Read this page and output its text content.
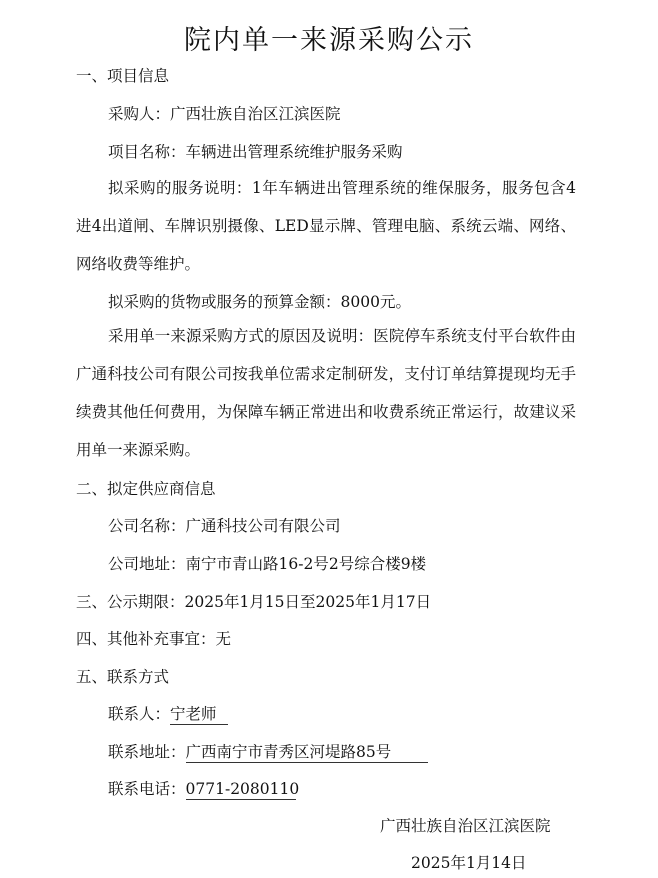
院内单一来源采购公示
一、项目信息
采购人：广西壮族自治区江滨医院
项目名称：车辆进出管理系统维护服务采购
拟采购的服务说明：1年车辆进出管理系统的维保服务，服务包含4进4出道闸、车牌识别摄像、LED显示牌、管理电脑、系统云端、网络、网络收费等维护。
拟采购的货物或服务的预算金额：8000元。
采用单一来源采购方式的原因及说明：医院停车系统支付平台软件由广通科技公司有限公司按我单位需求定制研发，支付订单结算提现均无手续费其他任何费用，为保障车辆正常进出和收费系统正常运行，故建议采用单一来源采购。
二、拟定供应商信息
公司名称：广通科技公司有限公司
公司地址：南宁市青山路16-2号2号综合楼9楼
三、公示期限：2025年1月15日至2025年1月17日
四、其他补充事宜：无
五、联系方式
联系人：宁老师
联系地址：广西南宁市青秀区河堤路85号
联系电话：0771-2080110
广西壮族自治区江滨医院
2025年1月14日
